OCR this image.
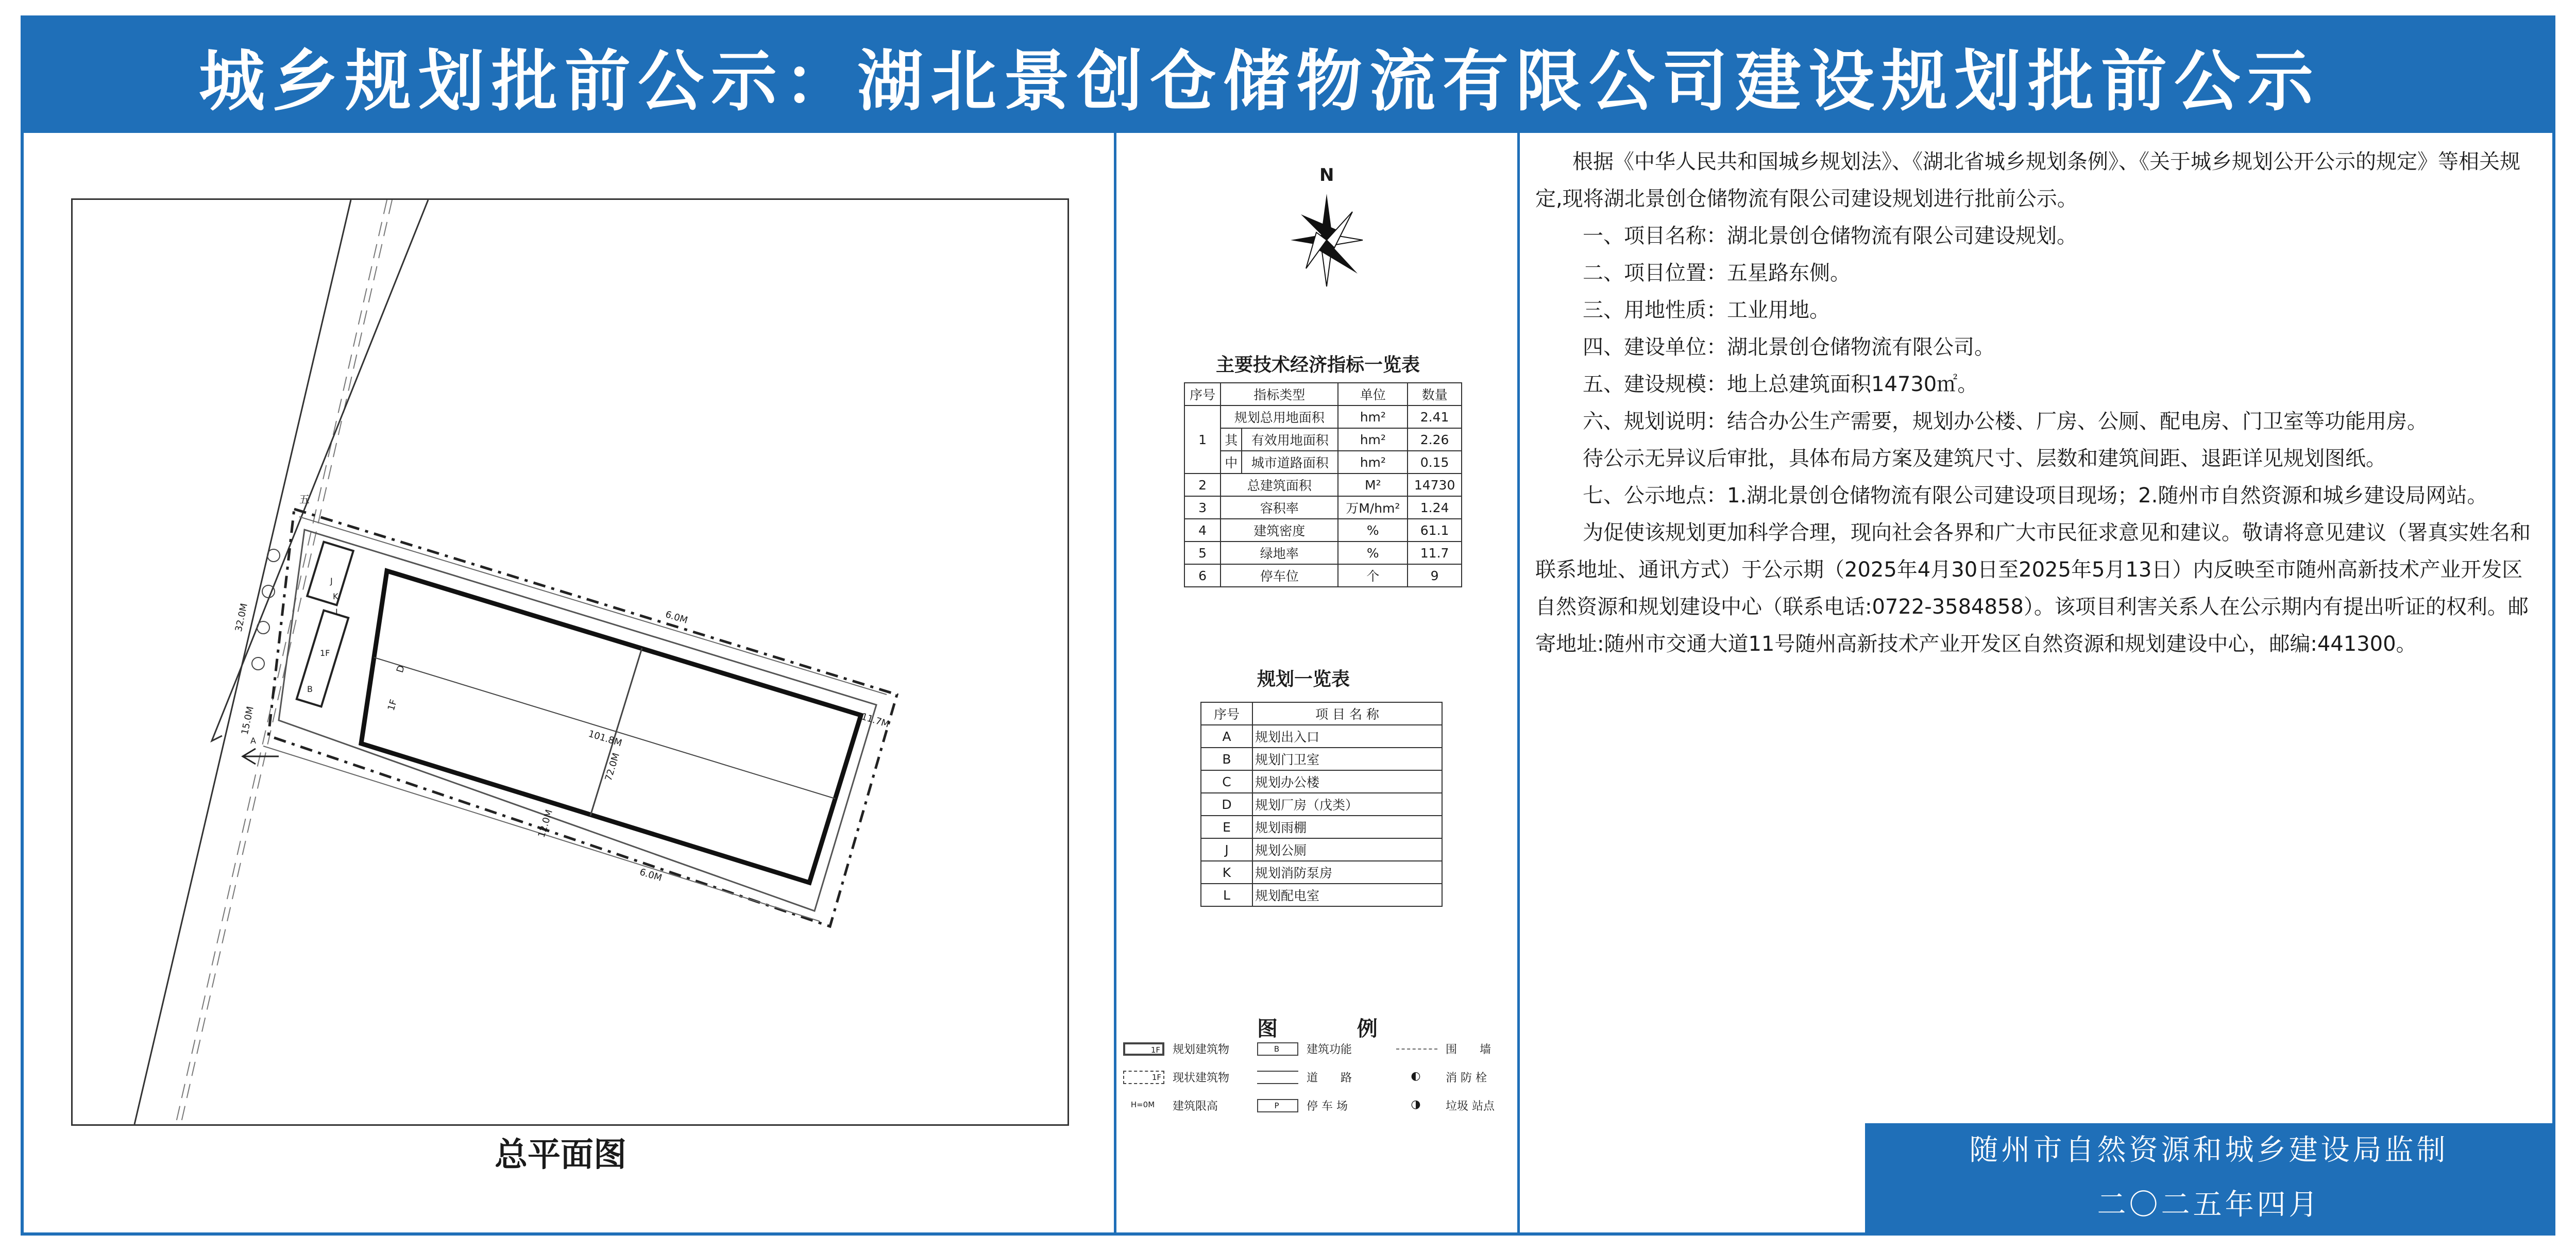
城乡规划批前公示：湖北景创仓储物流有限公司建设规划批前公示
五
32.0M
15.0M
1F
D
101.8M
72.0M
12.0M
11.7M
6.0M
6.0M
1F
J
K
L
A
B
总平面图
N
主要技术经济指标一览表
序号	指标类型		单位	数量
1	规划总用地面积		hm²	2.41
	其	有效用地面积	hm²	2.26
	中	城市道路面积	hm²	0.15
2	总建筑面积		M²	14730
3	容积率		万M/hm²	1.24
4	建筑密度		%	61.1
5	绿地率		%	11.7
6	停车位		个	9
规划一览表
序号	项 目 名 称
A	规划出入口
B	规划门卫室
C	规划办公楼
D	规划厂房（戊类）
E	规划雨棚
J	规划公厕
K	规划消防泵房
L	规划配电室
图 例
1F	规划建筑物	B	建筑功能	围　　墙
1F 现状建筑物	道　　路	◐	消 防 栓
H=0M	建筑限高	P	停 车 场	◑	垃圾 站点

根据《中华人民共和国城乡规划法》、《湖北省城乡规划条例》、《关于城乡规划公开公示的规定》等相关规定,现将湖北景创仓储物流有限公司建设规划进行批前公示。

一、项目名称：湖北景创仓储物流有限公司建设规划。

二、项目位置：五星路东侧。

三、用地性质：工业用地。

四、建设单位：湖北景创仓储物流有限公司。

五、建设规模：地上总建筑面积14730㎡。

六、规划说明：结合办公生产需要，规划办公楼、厂房、公厕、配电房、门卫室等功能用房。

待公示无异议后审批，具体布局方案及建筑尺寸、层数和建筑间距、退距详见规划图纸。

七、公示地点：1.湖北景创仓储物流有限公司建设项目现场；2.随州市自然资源和城乡建设局网站。

为促使该规划更加科学合理，现向社会各界和广大市民征求意见和建议。敬请将意见建议（署真实姓名和联系地址、通讯方式）于公示期（2025年4月30日至2025年5月13日）内反映至市随州高新技术产业开发区自然资源和规划建设中心（联系电话:0722-3584858）。该项目利害关系人在公示期内有提出听证的权利。邮寄地址:随州市交通大道11号随州高新技术产业开发区自然资源和规划建设中心，邮编:441300。

随州市自然资源和城乡建设局监制
二〇二五年四月
